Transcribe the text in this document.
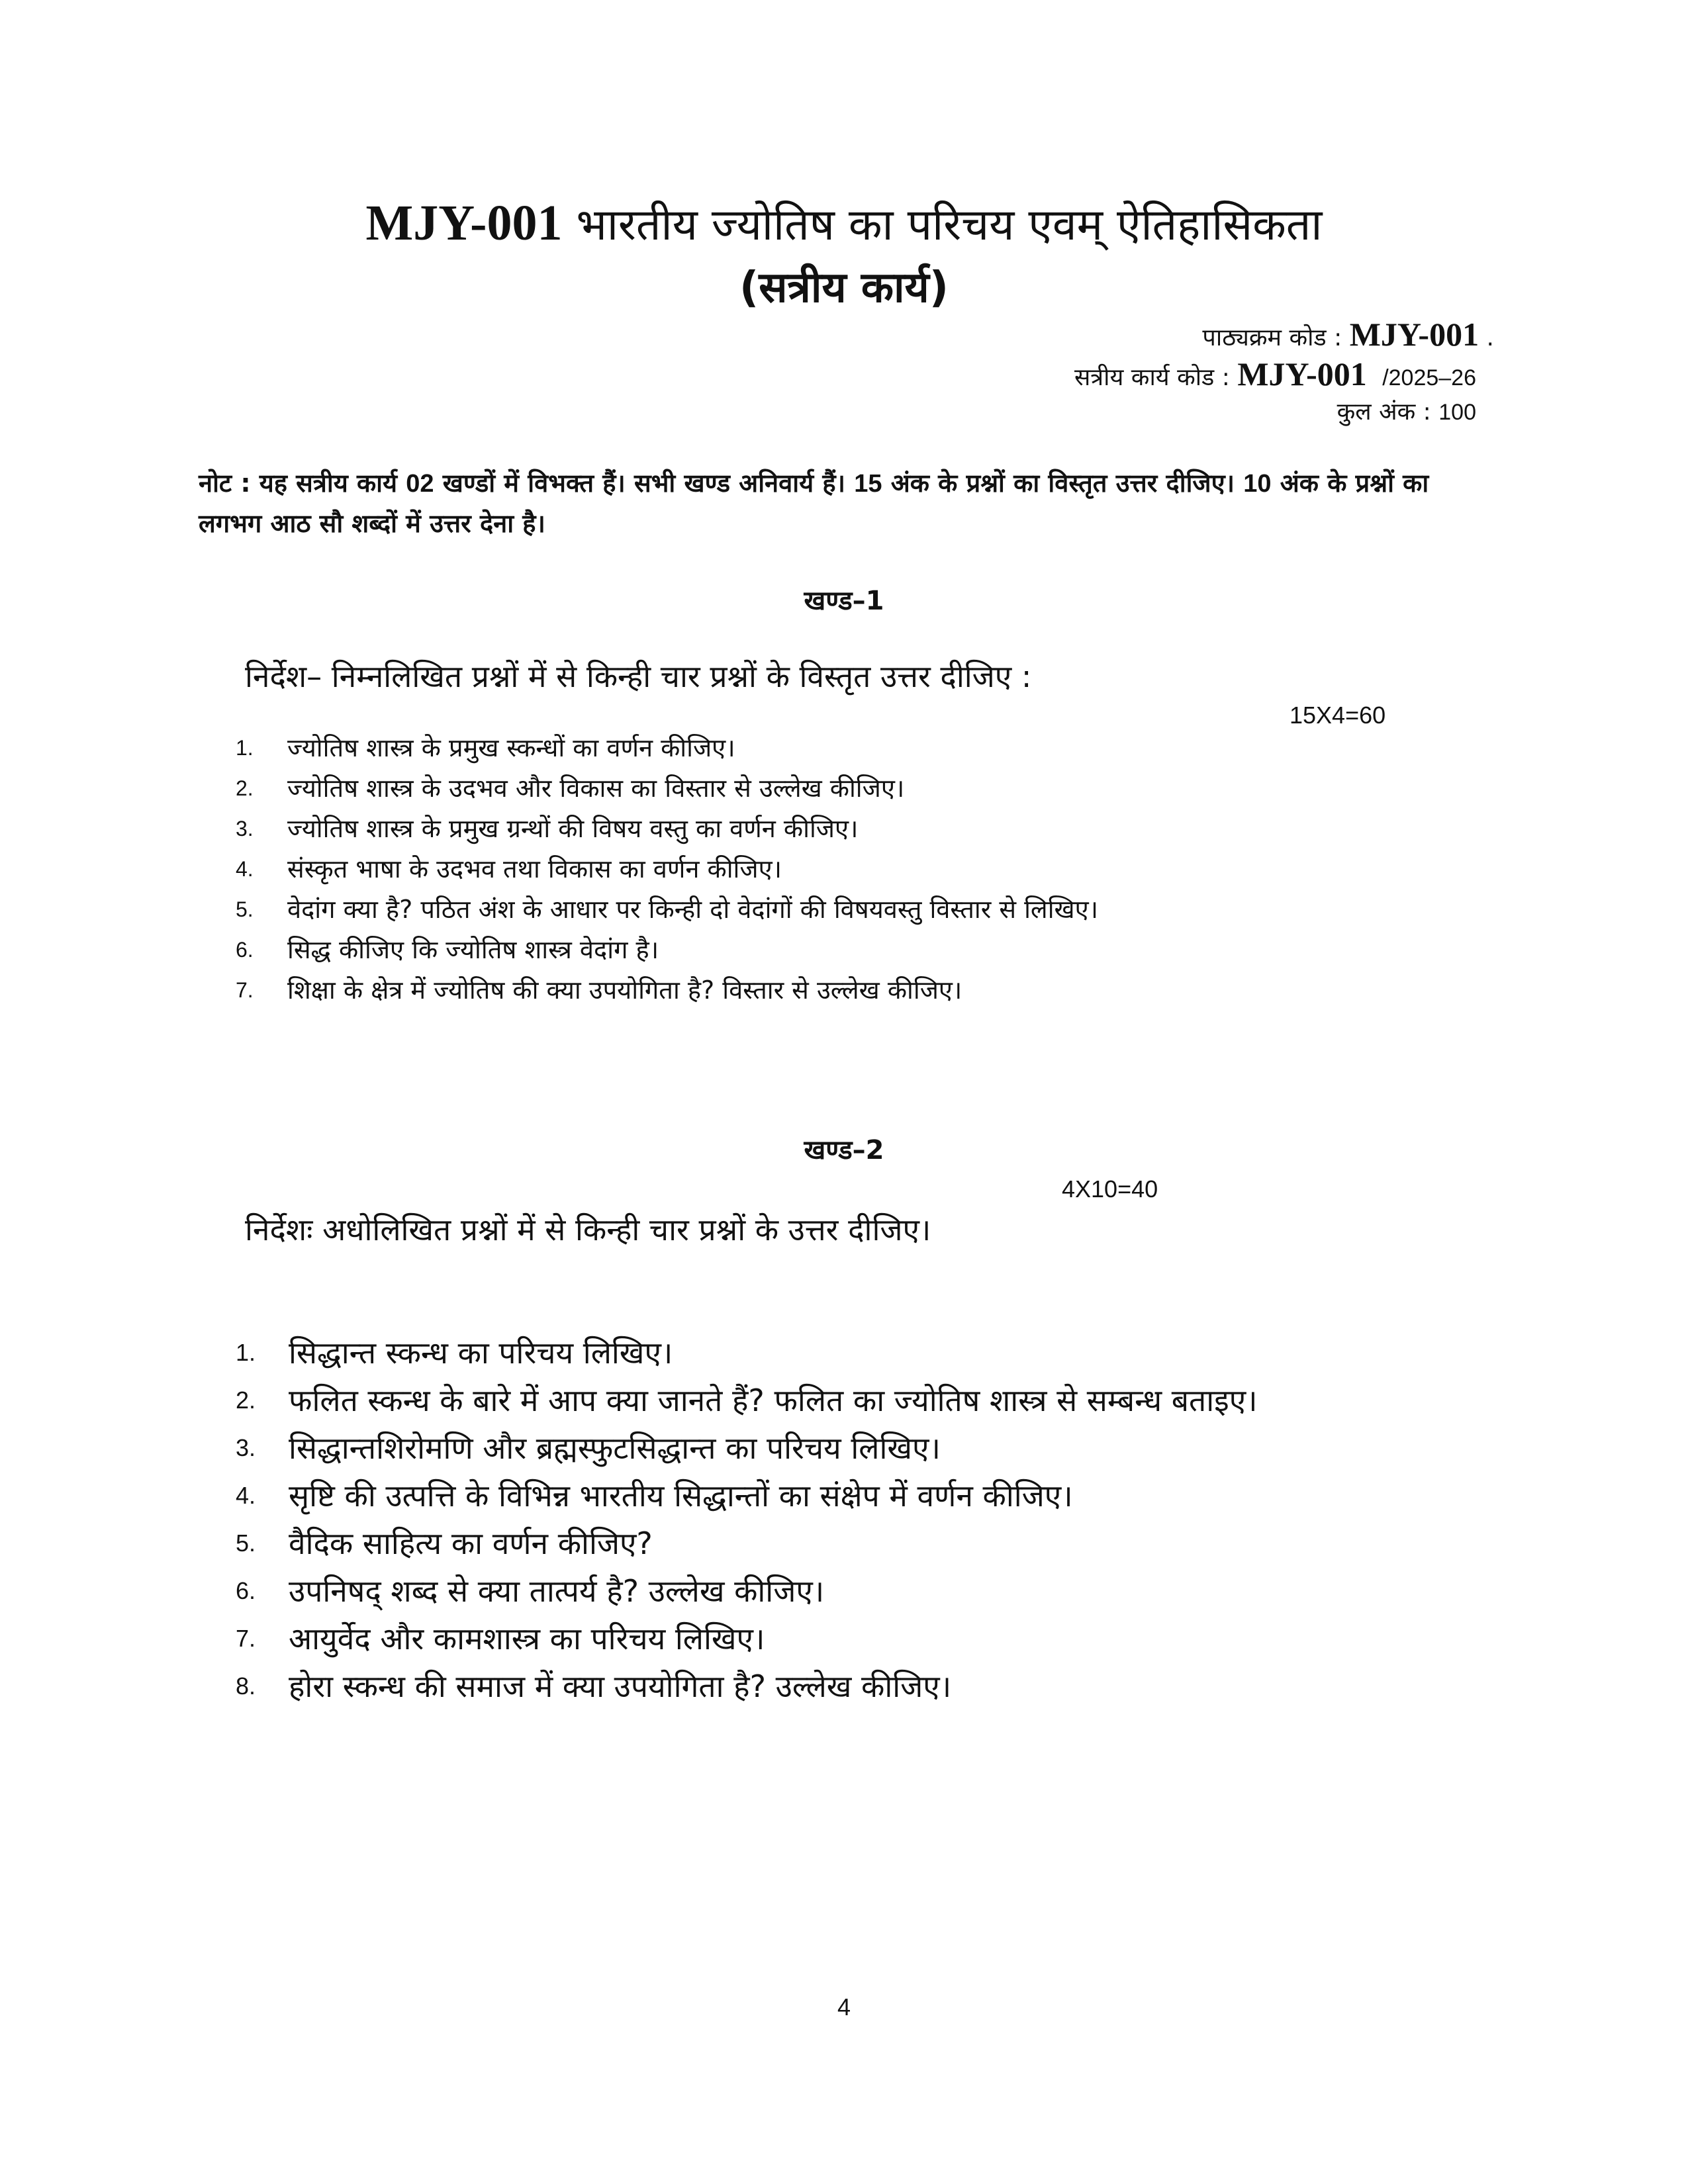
MJY-001 भारतीय ज्योतिष का परिचय एवम् ऐतिहासिकता
(सत्रीय कार्य)
पाठ्यक्रम कोड : MJY-001 .
सत्रीय कार्य कोड : MJY-001 /2025–26
कुल अंक : 100
नोट : यह सत्रीय कार्य 02 खण्डों में विभक्त हैं। सभी खण्ड अनिवार्य हैं। 15 अंक के प्रश्नों का विस्तृत उत्तर दीजिए। 10 अंक के प्रश्नों का लगभग आठ सौ शब्दों में उत्तर देना है।
खण्ड–1
निर्देश– निम्नलिखित प्रश्नों में से किन्ही चार प्रश्नों के विस्तृत उत्तर दीजिए :
15X4=60
1. ज्योतिष शास्त्र के प्रमुख स्कन्धों का वर्णन कीजिए।
2. ज्योतिष शास्त्र के उदभव और विकास का विस्तार से उल्लेख कीजिए।
3. ज्योतिष शास्त्र के प्रमुख ग्रन्थों की विषय वस्तु का वर्णन कीजिए।
4. संस्कृत भाषा के उदभव तथा विकास का वर्णन कीजिए।
5. वेदांग क्या है? पठित अंश के आधार पर किन्ही दो वेदांगों की विषयवस्तु विस्तार से लिखिए।
6. सिद्ध कीजिए कि ज्योतिष शास्त्र वेदांग है।
7. शिक्षा के क्षेत्र में ज्योतिष की क्या उपयोगिता है? विस्तार से उल्लेख कीजिए।
खण्ड–2
4X10=40
निर्देशः अधोलिखित प्रश्नों में से किन्ही चार प्रश्नों के उत्तर दीजिए।
1. सिद्धान्त स्कन्ध का परिचय लिखिए।
2. फलित स्कन्ध के बारे में आप क्या जानते हैं? फलित का ज्योतिष शास्त्र से सम्बन्ध बताइए।
3. सिद्धान्तशिरोमणि और ब्रह्मस्फुटसिद्धान्त का परिचय लिखिए।
4. सृष्टि की उत्पत्ति के विभिन्न भारतीय सिद्धान्तों का संक्षेप में वर्णन कीजिए।
5. वैदिक साहित्य का वर्णन कीजिए?
6. उपनिषद् शब्द से क्या तात्पर्य है? उल्लेख कीजिए।
7. आयुर्वेद और कामशास्त्र का परिचय लिखिए।
8. होरा स्कन्ध की समाज में क्या उपयोगिता है? उल्लेख कीजिए।
4
